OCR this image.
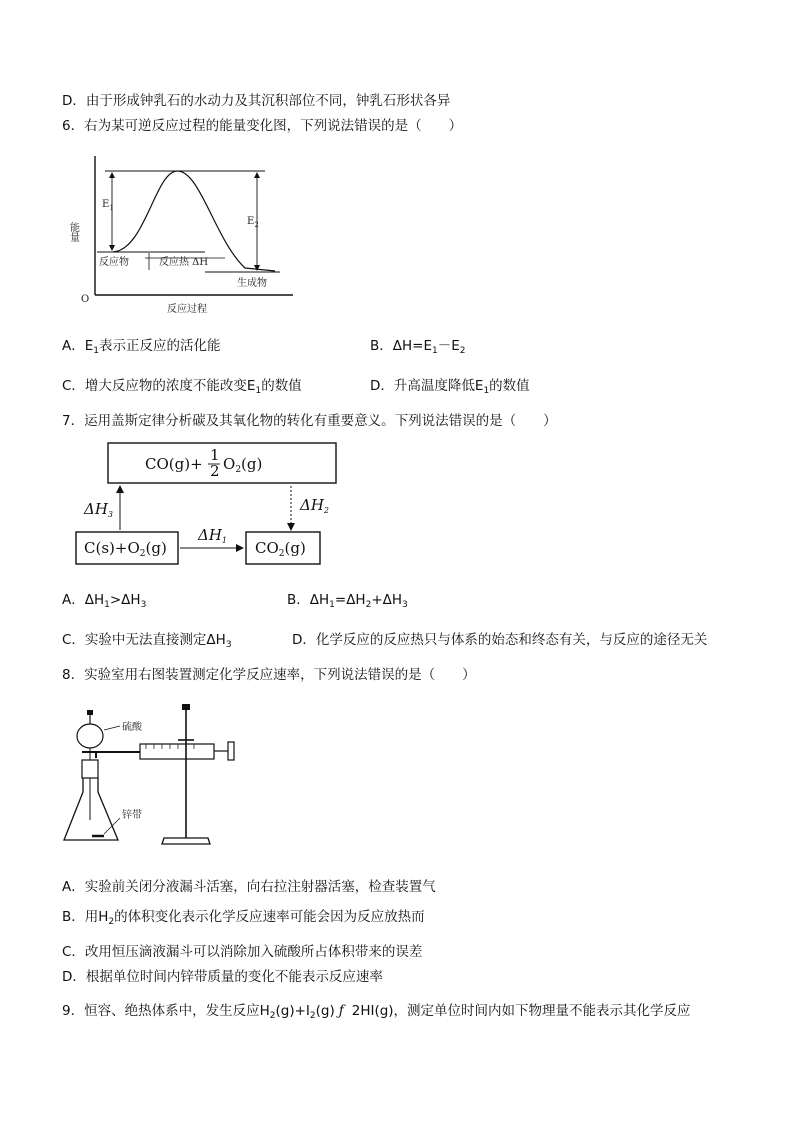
D．由于形成钟乳石的水动力及其沉积部位不同，钟乳石形状各异
6．右为某可逆反应过程的能量变化图，下列说法错误的是（　　）
$E_1$
$E_2$
能量
反应物	反应热 ΔH
生成物
O
反应过程
A．$E_1$表示正反应的活化能	B．$\Delta H=E_1-E_2$
C．增大反应物的浓度不能改变$E_1$的数值	D．升高温度降低$E_1$的数值
7．运用盖斯定律分析碳及其氧化物的转化有重要意义。下列说法错误的是（　　）
CO(g)+ 1
2 $O_2(g)$
$C(s)+O_2(g)$	$CO_2(g)$
$\Delta H_3$
$\Delta H_2$
$\Delta H_1$
A．$\Delta H_1>\Delta H_3$	B．$\Delta H_1=\Delta H_2+\Delta H_3$
C．实验中无法直接测定$\Delta H_3$	D．化学反应的反应热只与体系的始态和终态有关，与反应的途径无关
8．实验室用右图装置测定化学反应速率，下列说法错误的是（　　）
硫酸
锌带
A．实验前关闭分液漏斗活塞，向右拉注射器活塞，检查装置气
B．用$H_2$的体积变化表示化学反应速率可能会因为反应放热而
C．改用恒压滴液漏斗可以消除加入硫酸所占体积带来的误差
D．根据单位时间内锌带质量的变化不能表示反应速率
9．恒容、绝热体系中，发生反应$H_2(g)+I_2(g)$ ƒ 2HI(g)，测定单位时间内如下物理量不能表示其化学反应
